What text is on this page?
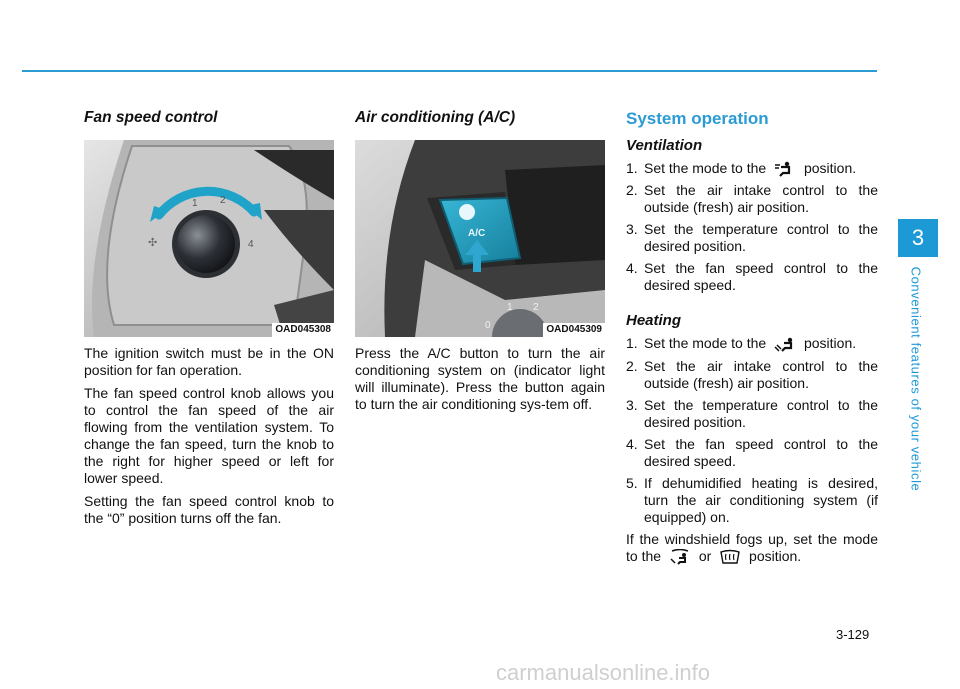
3
Convenient features of your vehicle
Fan speed control
1 2
4
✣
OAD045308

The ignition switch must be in the ON position for fan operation.

The fan speed control knob allows you to control the fan speed of the air flowing from the ventilation system. To change the fan speed, turn the knob to the right for higher speed or left for lower speed.

Setting the fan speed control knob to the “0” position turns off the fan.

Air conditioning (A/C)
A/C
0
1 2
OAD045309

Press the A/C button to turn the air conditioning system on (indicator light will illuminate). Press the button again to turn the air conditioning sys-tem off.

System operation
Ventilation
1. Set the mode to the	position.
2. Set the air intake control to the outside (fresh) air position.
3. Set the temperature control to the desired position.
4. Set the fan speed control to the desired speed.
Heating
1. Set the mode to the	position.
2. Set the air intake control to the outside (fresh) air position.
3. Set the temperature control to the desired position.
4. Set the fan speed control to the desired speed.
5. If dehumidified heating is desired, turn the air conditioning system (if equipped) on.

If the windshield fogs up, set the mode to the	or	position.

3-129
carmanualsonline.info
